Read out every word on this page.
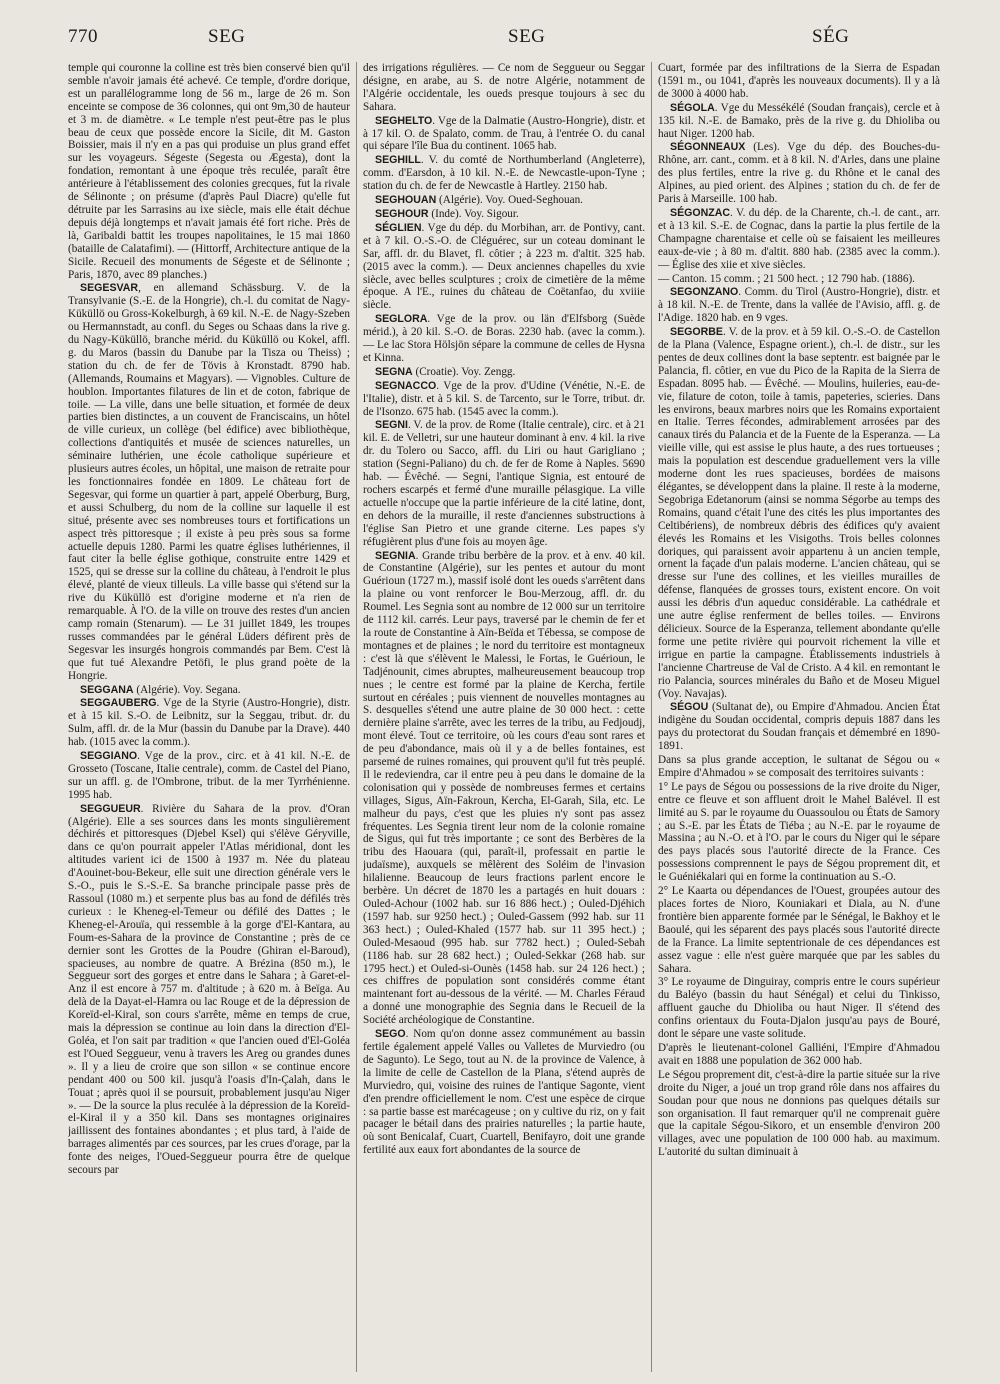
770	SEG	SEG	SÉG

temple qui couronne la colline est très bien conservé bien qu'il semble n'avoir jamais été achevé. Ce temple, d'ordre dorique, est un parallélogramme long de 56 m., large de 26 m. Son enceinte se compose de 36 colonnes, qui ont 9m,30 de hauteur et 3 m. de diamètre. « Le temple n'est peut-être pas le plus beau de ceux que possède encore la Sicile, dit M. Gaston Boissier, mais il n'y en a pas qui produise un plus grand effet sur les voyageurs. Ségeste (Segesta ou Ægesta), dont la fondation, remontant à une époque très reculée, paraît être antérieure à l'établissement des colonies grecques, fut la rivale de Sélinonte ; on présume (d'après Paul Diacre) qu'elle fut détruite par les Sarrasins au ixe siècle, mais elle était déchue depuis déjà longtemps et n'avait jamais été fort riche. Près de là, Garibaldi battit les troupes napolitaines, le 15 mai 1860 (bataille de Calatafimi). — (Hittorff, Architecture antique de la Sicile. Recueil des monuments de Ségeste et de Sélinonte ; Paris, 1870, avec 89 planches.)

SEGESVAR, en allemand Schässburg. V. de la Transylvanie (S.-E. de la Hongrie), ch.-l. du comitat de Nagy-Küküllö ou Gross-Kokelburgh, à 69 kil. N.-E. de Nagy-Szeben ou Hermannstadt, au confl. du Seges ou Schaas dans la rive g. du Nagy-Küküllö, branche mérid. du Küküllö ou Kokel, affl. g. du Maros (bassin du Danube par la Tisza ou Theiss) ; station du ch. de fer de Tövis à Kronstadt. 8790 hab. (Allemands, Roumains et Magyars). — Vignobles. Culture de houblon. Importantes filatures de lin et de coton, fabrique de toile. — La ville, dans une belle situation, et formée de deux parties bien distinctes, a un couvent de Franciscains, un hôtel de ville curieux, un collège (bel édifice) avec bibliothèque, collections d'antiquités et musée de sciences naturelles, un séminaire luthérien, une école catholique supérieure et plusieurs autres écoles, un hôpital, une maison de retraite pour les fonctionnaires fondée en 1809. Le château fort de Segesvar, qui forme un quartier à part, appelé Oberburg, Burg, et aussi Schulberg, du nom de la colline sur laquelle il est situé, présente avec ses nombreuses tours et fortifications un aspect très pittoresque ; il existe à peu près sous sa forme actuelle depuis 1280. Parmi les quatre églises luthériennes, il faut citer la belle église gothique, construite entre 1429 et 1525, qui se dresse sur la colline du château, à l'endroit le plus élevé, planté de vieux tilleuls. La ville basse qui s'étend sur la rive du Küküllö est d'origine moderne et n'a rien de remarquable. À l'O. de la ville on trouve des restes d'un ancien camp romain (Stenarum). — Le 31 juillet 1849, les troupes russes commandées par le général Lüders défirent près de Segesvar les insurgés hongrois commandés par Bem. C'est là que fut tué Alexandre Petöfi, le plus grand poète de la Hongrie.

SEGGANA (Algérie). Voy. Segana.

SEGGAUBERG. Vge de la Styrie (Austro-Hongrie), distr. et à 15 kil. S.-O. de Leibnitz, sur la Seggau, tribut. dr. du Sulm, affl. dr. de la Mur (bassin du Danube par la Drave). 440 hab. (1015 avec la comm.).

SEGGIANO. Vge de la prov., circ. et à 41 kil. N.-E. de Grosseto (Toscane, Italie centrale), comm. de Castel del Piano, sur un affl. g. de l'Ombrone, tribut. de la mer Tyrrhénienne. 1995 hab.

SEGGUEUR. Rivière du Sahara de la prov. d'Oran (Algérie). Elle a ses sources dans les monts singulièrement déchirés et pittoresques (Djebel Ksel) qui s'élève Géryville, dans ce qu'on pourrait appeler l'Atlas méridional, dont les altitudes varient ici de 1500 à 1937 m. Née du plateau d'Aouinet-bou-Bekeur, elle suit une direction générale vers le S.-O., puis le S.-S.-E. Sa branche principale passe près de Rassoul (1080 m.) et serpente plus bas au fond de défilés très curieux : le Kheneg-el-Temeur ou défilé des Dattes ; le Kheneg-el-Arouïa, qui ressemble à la gorge d'El-Kantara, au Foum-es-Sahara de la province de Constantine ; près de ce dernier sont les Grottes de la Poudre (Ghiran el-Baroud), spacieuses, au nombre de quatre. A Brézina (850 m.), le Seggueur sort des gorges et entre dans le Sahara ; à Garet-el-Anz il est encore à 757 m. d'altitude ; à 620 m. à Beïga. Au delà de la Dayat-el-Hamra ou lac Rouge et de la dépression de Koreïd-el-Kiral, son cours s'arrête, même en temps de crue, mais la dépression se continue au loin dans la direction d'El-Goléa, et l'on sait par tradition « que l'ancien oued d'El-Goléa est l'Oued Seggueur, venu à travers les Areg ou grandes dunes ». Il y a lieu de croire que son sillon « se continue encore pendant 400 ou 500 kil. jusqu'à l'oasis d'In-Çalah, dans le Touat ; après quoi il se poursuit, probablement jusqu'au Niger ». — De la source la plus reculée à la dépression de la Koreïd-el-Kiral il y a 350 kil. Dans ses montagnes originaires jaillissent des fontaines abondantes ; et plus tard, à l'aide de barrages alimentés par ces sources, par les crues d'orage, par la fonte des neiges, l'Oued-Seggueur pourra être de quelque secours par

des irrigations régulières. — Ce nom de Seggueur ou Seggar désigne, en arabe, au S. de notre Algérie, notamment de l'Algérie occidentale, les oueds presque toujours à sec du Sahara.

SEGHELTO. Vge de la Dalmatie (Austro-Hongrie), distr. et à 17 kil. O. de Spalato, comm. de Trau, à l'entrée O. du canal qui sépare l'île Bua du continent. 1065 hab.

SEGHILL. V. du comté de Northumberland (Angleterre), comm. d'Earsdon, à 10 kil. N.-E. de Newcastle-upon-Tyne ; station du ch. de fer de Newcastle à Hartley. 2150 hab.

SEGHOUAN (Algérie). Voy. Oued-Seghouan.

SEGHOUR (Inde). Voy. Sigour.

SÉGLIEN. Vge du dép. du Morbihan, arr. de Pontivy, cant. et à 7 kil. O.-S.-O. de Cléguérec, sur un coteau dominant le Sar, affl. dr. du Blavet, fl. côtier ; à 223 m. d'altit. 325 hab. (2015 avec la comm.). — Deux anciennes chapelles du xvie siècle, avec belles sculptures ; croix de cimetière de la même époque. A l'E., ruines du château de Coëtanfao, du xviiie siècle.

SEGLORA. Vge de la prov. ou län d'Elfsborg (Suède mérid.), à 20 kil. S.-O. de Boras. 2230 hab. (avec la comm.). — Le lac Stora Hölsjön sépare la commune de celles de Hysna et Kinna.

SEGNA (Croatie). Voy. Zengg.

SEGNACCO. Vge de la prov. d'Udine (Vénétie, N.-E. de l'Italie), distr. et à 5 kil. S. de Tarcento, sur le Torre, tribut. dr. de l'Isonzo. 675 hab. (1545 avec la comm.).

SEGNI. V. de la prov. de Rome (Italie centrale), circ. et à 21 kil. E. de Velletri, sur une hauteur dominant à env. 4 kil. la rive dr. du Tolero ou Sacco, affl. du Liri ou haut Garigliano ; station (Segni-Paliano) du ch. de fer de Rome à Naples. 5690 hab. — Évêché. — Segni, l'antique Signia, est entouré de rochers escarpés et fermé d'une muraille pélasgique. La ville actuelle n'occupe que la partie inférieure de la cité latine, dont, en dehors de la muraille, il reste d'anciennes substructions à l'église San Pietro et une grande citerne. Les papes s'y réfugièrent plus d'une fois au moyen âge.

SEGNIA. Grande tribu berbère de la prov. et à env. 40 kil. de Constantine (Algérie), sur les pentes et autour du mont Guérioun (1727 m.), massif isolé dont les oueds s'arrêtent dans la plaine ou vont renforcer le Bou-Merzoug, affl. dr. du Roumel. Les Segnia sont au nombre de 12 000 sur un territoire de 1112 kil. carrés. Leur pays, traversé par le chemin de fer et la route de Constantine à Aïn-Beïda et Tébessa, se compose de montagnes et de plaines ; le nord du territoire est montagneux : c'est là que s'élèvent le Malessi, le Fortas, le Guérioun, le Tadjénounit, cimes abruptes, malheureusement beaucoup trop nues ; le centre est formé par la plaine de Kercha, fertile surtout en céréales ; puis viennent de nouvelles montagnes au S. desquelles s'étend une autre plaine de 30 000 hect. : cette dernière plaine s'arrête, avec les terres de la tribu, au Fedjoudj, mont élevé. Tout ce territoire, où les cours d'eau sont rares et de peu d'abondance, mais où il y a de belles fontaines, est parsemé de ruines romaines, qui prouvent qu'il fut très peuplé. Il le redeviendra, car il entre peu à peu dans le domaine de la colonisation qui y possède de nombreuses fermes et certains villages, Sigus, Aïn-Fakroun, Kercha, El-Garah, Sila, etc. Le malheur du pays, c'est que les pluies n'y sont pas assez fréquentes. Les Segnia tirent leur nom de la colonie romaine de Sigus, qui fut très importante ; ce sont des Berbères de la tribu des Haouara (qui, paraît-il, professait en partie le judaïsme), auxquels se mêlèrent des Soléim de l'invasion hilalienne. Beaucoup de leurs fractions parlent encore le berbère. Un décret de 1870 les a partagés en huit douars : Ouled-Achour (1002 hab. sur 16 886 hect.) ; Ouled-Djéhich (1597 hab. sur 9250 hect.) ; Ouled-Gassem (992 hab. sur 11 363 hect.) ; Ouled-Khaled (1577 hab. sur 11 395 hect.) ; Ouled-Mesaoud (995 hab. sur 7782 hect.) ; Ouled-Sebah (1186 hab. sur 28 682 hect.) ; Ouled-Sekkar (268 hab. sur 1795 hect.) et Ouled-si-Ounès (1458 hab. sur 24 126 hect.) ; ces chiffres de population sont considérés comme étant maintenant fort au-dessous de la vérité. — M. Charles Féraud a donné une monographie des Segnia dans le Recueil de la Société archéologique de Constantine.

SEGO. Nom qu'on donne assez communément au bassin fertile également appelé Valles ou Valletes de Murviedro (ou de Sagunto). Le Sego, tout au N. de la province de Valence, à la limite de celle de Castellon de la Plana, s'étend auprès de Murviedro, qui, voisine des ruines de l'antique Sagonte, vient d'en prendre officiellement le nom. C'est une espèce de cirque : sa partie basse est marécageuse ; on y cultive du riz, on y fait pacager le bétail dans des prairies naturelles ; la partie haute, où sont Benicalaf, Cuart, Cuartell, Benifayro, doit une grande fertilité aux eaux fort abondantes de la source de

Cuart, formée par des infiltrations de la Sierra de Espadan (1591 m., ou 1041, d'après les nouveaux documents). Il y a là de 3000 à 4000 hab.

SÉGOLA. Vge du Messékélé (Soudan français), cercle et à 135 kil. N.-E. de Bamako, près de la rive g. du Dhioliba ou haut Niger. 1200 hab.

SÉGONNEAUX (Les). Vge du dép. des Bouches-du-Rhône, arr. cant., comm. et à 8 kil. N. d'Arles, dans une plaine des plus fertiles, entre la rive g. du Rhône et le canal des Alpines, au pied orient. des Alpines ; station du ch. de fer de Paris à Marseille. 100 hab.

SÉGONZAC. V. du dép. de la Charente, ch.-l. de cant., arr. et à 13 kil. S.-E. de Cognac, dans la partie la plus fertile de la Champagne charentaise et celle où se faisaient les meilleures eaux-de-vie ; à 80 m. d'altit. 880 hab. (2385 avec la comm.). — Église des xiie et xive siècles.

— Canton. 15 comm. ; 21 500 hect. ; 12 790 hab. (1886).

SEGONZANO. Comm. du Tirol (Austro-Hongrie), distr. et à 18 kil. N.-E. de Trente, dans la vallée de l'Avisio, affl. g. de l'Adige. 1820 hab. en 9 vges.

SEGORBE. V. de la prov. et à 59 kil. O.-S.-O. de Castellon de la Plana (Valence, Espagne orient.), ch.-l. de distr., sur les pentes de deux collines dont la base septentr. est baignée par le Palancia, fl. côtier, en vue du Pico de la Rapita de la Sierra de Espadan. 8095 hab. — Évêché. — Moulins, huileries, eau-de-vie, filature de coton, toile à tamis, papeteries, scieries. Dans les environs, beaux marbres noirs que les Romains exportaient en Italie. Terres fécondes, admirablement arrosées par des canaux tirés du Palancia et de la Fuente de la Esperanza. — La vieille ville, qui est assise le plus haute, a des rues tortueuses ; mais la population est descendue graduellement vers la ville moderne dont les rues spacieuses, bordées de maisons élégantes, se développent dans la plaine. Il reste à la moderne, Segobriga Edetanorum (ainsi se nomma Ségorbe au temps des Romains, quand c'était l'une des cités les plus importantes des Celtibériens), de nombreux débris des édifices qu'y avaient élevés les Romains et les Visigoths. Trois belles colonnes doriques, qui paraissent avoir appartenu à un ancien temple, ornent la façade d'un palais moderne. L'ancien château, qui se dresse sur l'une des collines, et les vieilles murailles de défense, flanquées de grosses tours, existent encore. On voit aussi les débris d'un aqueduc considérable. La cathédrale et une autre église renferment de belles toiles. — Environs délicieux. Source de la Esperanza, tellement abondante qu'elle forme une petite rivière qui pourvoit richement la ville et irrigue en partie la campagne. Établissements industriels à l'ancienne Chartreuse de Val de Cristo. A 4 kil. en remontant le rio Palancia, sources minérales du Baño et de Moseu Miguel (Voy. Navajas).

SÉGOU (Sultanat de), ou Empire d'Ahmadou. Ancien État indigène du Soudan occidental, compris depuis 1887 dans les pays du protectorat du Soudan français et démembré en 1890-1891.

Dans sa plus grande acception, le sultanat de Ségou ou « Empire d'Ahmadou » se composait des territoires suivants :

1° Le pays de Ségou ou possessions de la rive droite du Niger, entre ce fleuve et son affluent droit le Mahel Balével. Il est limité au S. par le royaume du Ouassoulou ou États de Samory ; au S.-E. par les États de Tiéba ; au N.-E. par le royaume de Massina ; au N.-O. et à l'O. par le cours du Niger qui le sépare des pays placés sous l'autorité directe de la France. Ces possessions comprennent le pays de Ségou proprement dit, et le Guéniékalari qui en forme la continuation au S.-O.

2° Le Kaarta ou dépendances de l'Ouest, groupées autour des places fortes de Nioro, Kouniakari et Diala, au N. d'une frontière bien apparente formée par le Sénégal, le Bakhoy et le Baoulé, qui les séparent des pays placés sous l'autorité directe de la France. La limite septentrionale de ces dépendances est assez vague : elle n'est guère marquée que par les sables du Sahara.

3° Le royaume de Dinguiray, compris entre le cours supérieur du Baléyo (bassin du haut Sénégal) et celui du Tinkisso, affluent gauche du Dhioliba ou haut Niger. Il s'étend des confins orientaux du Fouta-Djalon jusqu'au pays de Bouré, dont le sépare une vaste solitude.

D'après le lieutenant-colonel Galliéni, l'Empire d'Ahmadou avait en 1888 une population de 362 000 hab.

Le Ségou proprement dit, c'est-à-dire la partie située sur la rive droite du Niger, a joué un trop grand rôle dans nos affaires du Soudan pour que nous ne donnions pas quelques détails sur son organisation. Il faut remarquer qu'il ne comprenait guère que la capitale Ségou-Sikoro, et un ensemble d'environ 200 villages, avec une population de 100 000 hab. au maximum. L'autorité du sultan diminuait à
